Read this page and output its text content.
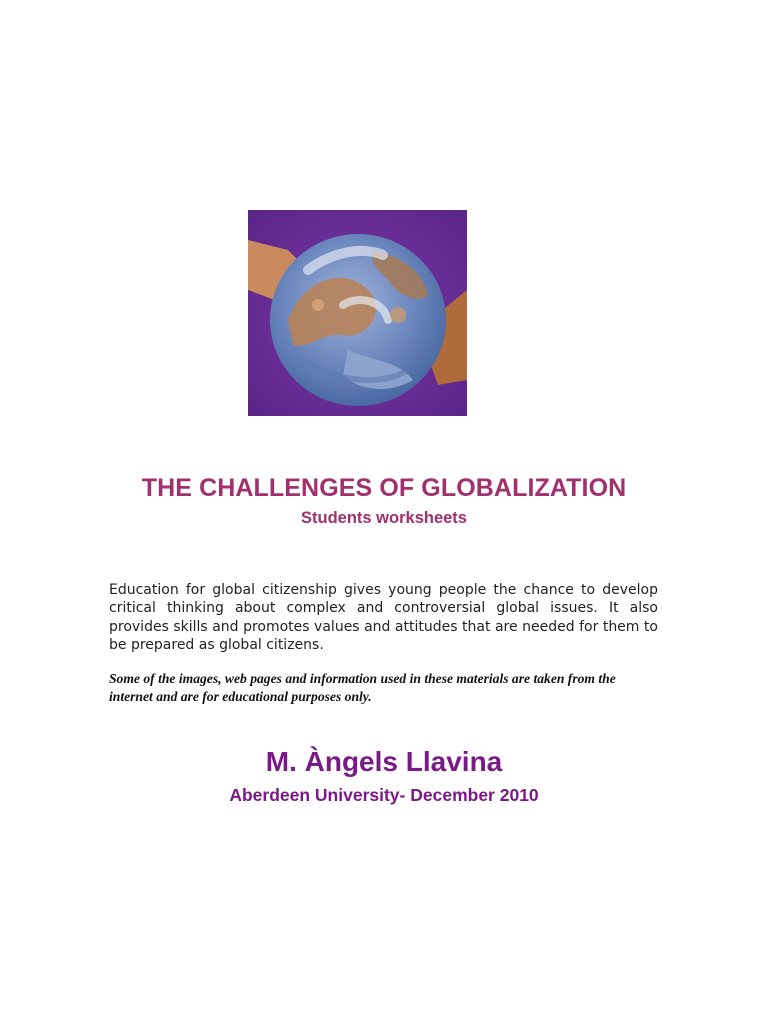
THE CHALLENGES OF GLOBALIZATION
Students worksheets

Education for global citizenship gives young people the chance to develop critical thinking about complex and controversial global issues. It also provides skills and promotes values and attitudes that are needed for them to be prepared as global citizens.

Some of the images, web pages and information used in these materials are taken from the internet and are for educational purposes only.

M. Àngels Llavina
Aberdeen University- December 2010
